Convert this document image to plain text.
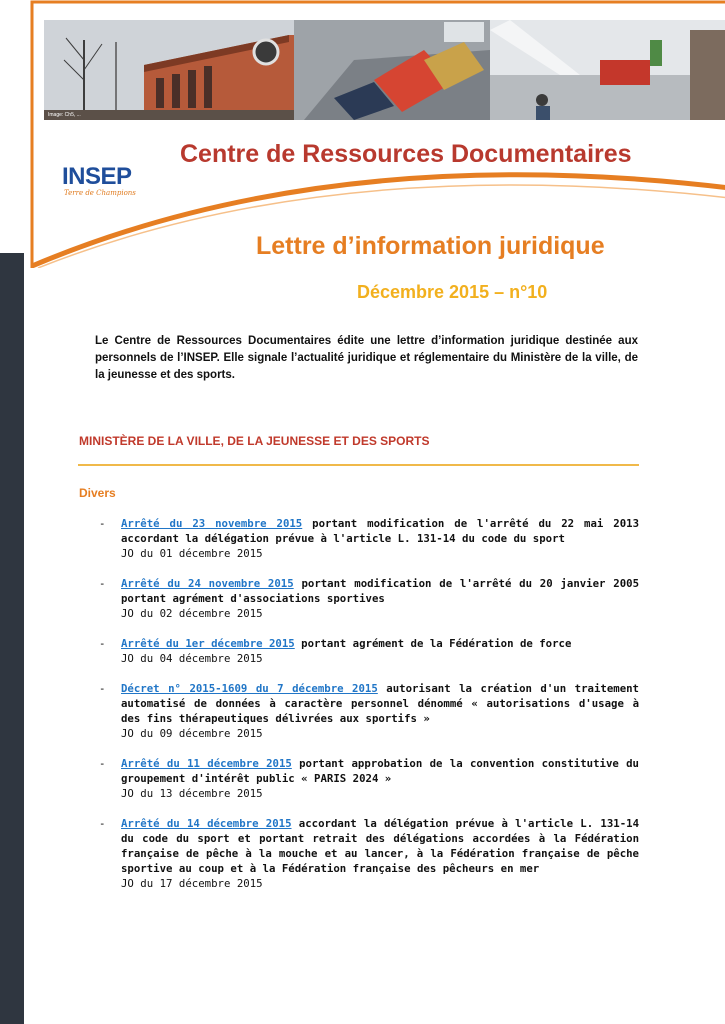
Image: Ch5, ...
INSEP
Terre de Champions
Centre de Ressources Documentaires
Lettre d’information juridique
Décembre 2015 – n°10

Le Centre de Ressources Documentaires édite une lettre d’information juridique destinée aux personnels de l’INSEP. Elle signale l’actualité juridique et réglementaire du Ministère de la ville, de la jeunesse et des sports.

MINISTÈRE DE LA VILLE, DE LA JEUNESSE ET DES SPORTS
Divers
- Arrêté du 23 novembre 2015 portant modification de l'arrêté du 22 mai 2013 accordant la délégation prévue à l'article L. 131-14 du code du sport
JO du 01 décembre 2015
- Arrêté du 24 novembre 2015 portant modification de l'arrêté du 20 janvier 2005 portant agrément d'associations sportives
JO du 02 décembre 2015
- Arrêté du 1er décembre 2015 portant agrément de la Fédération de force
JO du 04 décembre 2015
- Décret n° 2015-1609 du 7 décembre 2015 autorisant la création d'un traitement automatisé de données à caractère personnel dénommé « autorisations d'usage à des fins thérapeutiques délivrées aux sportifs »
JO du 09 décembre 2015
- Arrêté du 11 décembre 2015 portant approbation de la convention constitutive du groupement d'intérêt public « PARIS 2024 »
JO du 13 décembre 2015
- Arrêté du 14 décembre 2015 accordant la délégation prévue à l'article L. 131-14 du code du sport et portant retrait des délégations accordées à la Fédération française de pêche à la mouche et au lancer, à la Fédération française de pêche sportive au coup et à la Fédération française des pêcheurs en mer
JO du 17 décembre 2015
